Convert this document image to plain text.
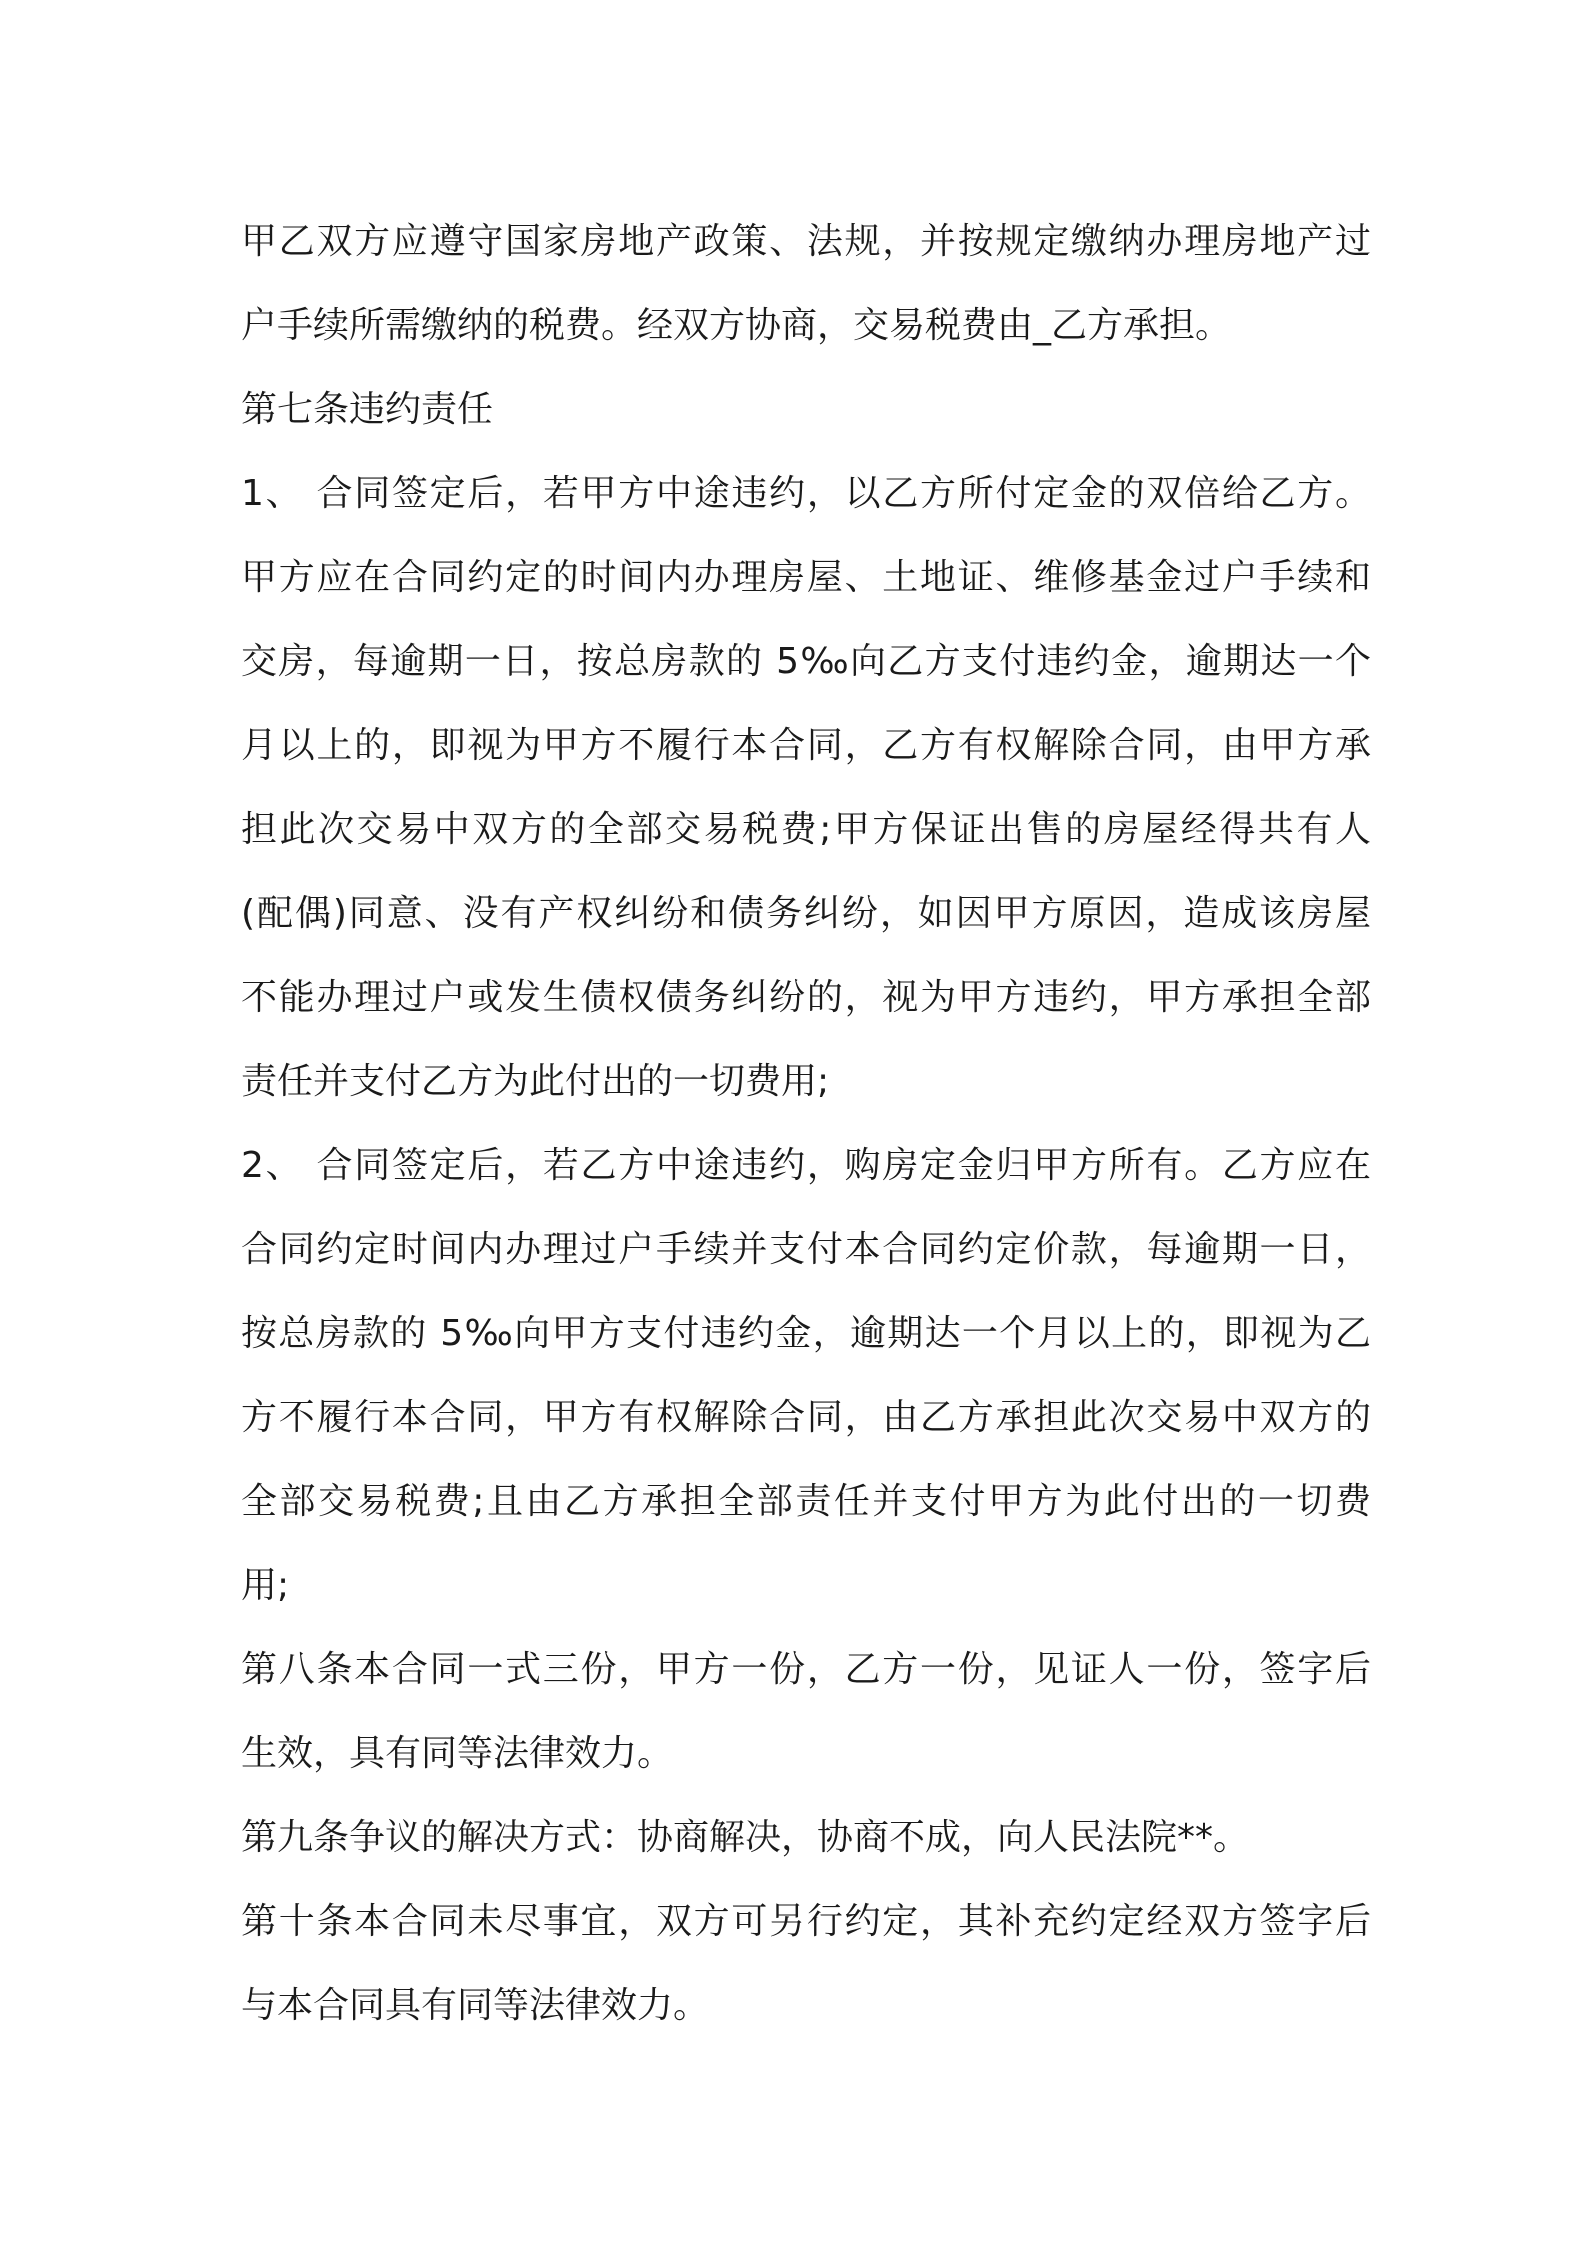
甲乙双方应遵守国家房地产政策、法规，并按规定缴纳办理房地产过
户手续所需缴纳的税费。经双方协商，交易税费由_乙方承担。
第七条违约责任
1、 合同签定后，若甲方中途违约，以乙方所付定金的双倍给乙方。
甲方应在合同约定的时间内办理房屋、土地证、维修基金过户手续和
交房，每逾期一日，按总房款的 5‰向乙方支付违约金，逾期达一个
月以上的，即视为甲方不履行本合同，乙方有权解除合同，由甲方承
担此次交易中双方的全部交易税费;甲方保证出售的房屋经得共有人
(配偶)同意、没有产权纠纷和债务纠纷，如因甲方原因，造成该房屋
不能办理过户或发生债权债务纠纷的，视为甲方违约，甲方承担全部
责任并支付乙方为此付出的一切费用;
2、 合同签定后，若乙方中途违约，购房定金归甲方所有。乙方应在
合同约定时间内办理过户手续并支付本合同约定价款，每逾期一日，
按总房款的 5‰向甲方支付违约金，逾期达一个月以上的，即视为乙
方不履行本合同，甲方有权解除合同，由乙方承担此次交易中双方的
全部交易税费;且由乙方承担全部责任并支付甲方为此付出的一切费
用;
第八条本合同一式三份，甲方一份，乙方一份，见证人一份，签字后
生效，具有同等法律效力。
第九条争议的解决方式：协商解决，协商不成，向人民法院**。
第十条本合同未尽事宜，双方可另行约定，其补充约定经双方签字后
与本合同具有同等法律效力。
